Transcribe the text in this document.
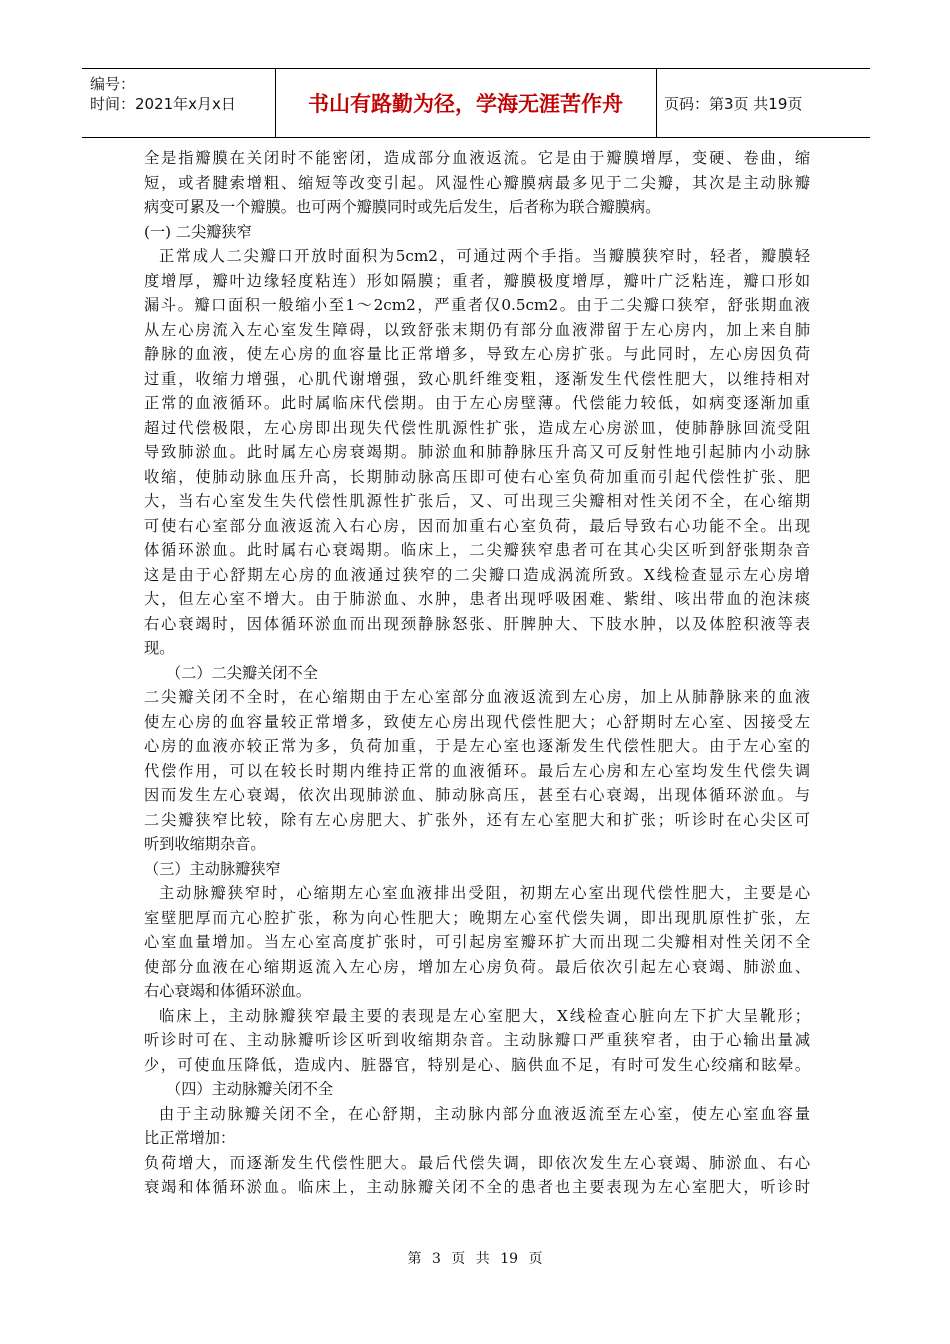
编号：
时间：2021年x月x日	书山有路勤为径，学海无涯苦作舟	页码：第3页 共19页
全是指瓣膜在关闭时不能密闭，造成部分血液返流。它是由于瓣膜增厚，变硬、卷曲，缩
短，或者腱索增粗、缩短等改变引起。风湿性心瓣膜病最多见于二尖瓣，其次是主动脉瓣
病变可累及一个瓣膜。也可两个瓣膜同时或先后发生，后者称为联合瓣膜病。
(一) 二尖瓣狭窄
正常成人二尖瓣口开放时面积为5cm2，可通过两个手指。当瓣膜狭窄时，轻者，瓣膜轻
度增厚，瓣叶边缘轻度粘连）形如隔膜；重者，瓣膜极度增厚，瓣叶广泛粘连，瓣口形如
漏斗。瓣口面积一般缩小至1～2cm2，严重者仅0.5cm2。由于二尖瓣口狭窄，舒张期血液
从左心房流入左心室发生障碍，以致舒张末期仍有部分血液滞留于左心房内，加上来自肺
静脉的血液，使左心房的血容量比正常增多，导致左心房扩张。与此同时，左心房因负荷
过重，收缩力增强，心肌代谢增强，致心肌纤维变粗，逐渐发生代偿性肥大，以维持相对
正常的血液循环。此时属临床代偿期。由于左心房壁薄。代偿能力较低，如病变逐渐加重
超过代偿极限，左心房即出现失代偿性肌源性扩张，造成左心房淤皿，使肺静脉回流受阻
导致肺淤血。此时属左心房衰竭期。肺淤血和肺静脉压升高又可反射性地引起肺内小动脉
收缩，使肺动脉血压升高，长期肺动脉高压即可使右心室负荷加重而引起代偿性扩张、肥
大，当右心室发生失代偿性肌源性扩张后，又、可出现三尖瓣相对性关闭不全，在心缩期
可使右心室部分血液返流入右心房，因而加重右心室负荷，最后导致右心功能不全。出现
体循环淤血。此时属右心衰竭期。临床上，二尖瓣狭窄患者可在其心尖区听到舒张期杂音
这是由于心舒期左心房的血液通过狭窄的二尖瓣口造成涡流所致。X线检查显示左心房增
大，但左心室不增大。由于肺淤血、水肿，患者出现呼吸困难、紫绀、咳出带血的泡沫痰
右心衰竭时，因体循环淤血而出现颈静脉怒张、肝脾肿大、下肢水肿，以及体腔积液等表
现。
（二）二尖瓣关闭不全
二尖瓣关闭不全时，在心缩期由于左心室部分血液返流到左心房，加上从肺静脉来的血液
使左心房的血容量较正常增多，致使左心房出现代偿性肥大；心舒期时左心室、因接受左
心房的血液亦较正常为多，负荷加重，于是左心室也逐渐发生代偿性肥大。由于左心室的
代偿作用，可以在较长时期内维持正常的血液循环。最后左心房和左心室均发生代偿失调
因而发生左心衰竭，依次出现肺淤血、肺动脉高压，甚至右心衰竭，出现体循环淤血。与
二尖瓣狭窄比较，除有左心房肥大、扩张外，还有左心室肥大和扩张；听诊时在心尖区可
听到收缩期杂音。
（三）主动脉瓣狭窄
主动脉瓣狭窄时，心缩期左心室血液排出受阻，初期左心室出现代偿性肥大，主要是心
室壁肥厚而亢心腔扩张，称为向心性肥大；晚期左心室代偿失调，即出现肌原性扩张，左
心室血量增加。当左心室高度扩张时，可引起房室瓣环扩大而出现二尖瓣相对性关闭不全
使部分血液在心缩期返流入左心房，增加左心房负荷。最后依次引起左心衰竭、肺淤血、
右心衰竭和体循环淤血。
临床上，主动脉瓣狭窄最主要的表现是左心室肥大，X线检查心脏向左下扩大呈靴形；
听诊时可在、主动脉瓣听诊区听到收缩期杂音。主动脉瓣口严重狭窄者，由于心输出量减
少，可使血压降低，造成内、脏器官，特别是心、脑供血不足，有时可发生心绞痛和眩晕。
（四）主动脉瓣关闭不全
由于主动脉瓣关闭不全，在心舒期，主动脉内部分血液返流至左心室，使左心室血容量
比正常增加：
负荷增大，而逐渐发生代偿性肥大。最后代偿失调，即依次发生左心衰竭、肺淤血、右心
衰竭和体循环淤血。临床上，主动脉瓣关闭不全的患者也主要表现为左心室肥大，听诊时
第 3 页 共 19 页
